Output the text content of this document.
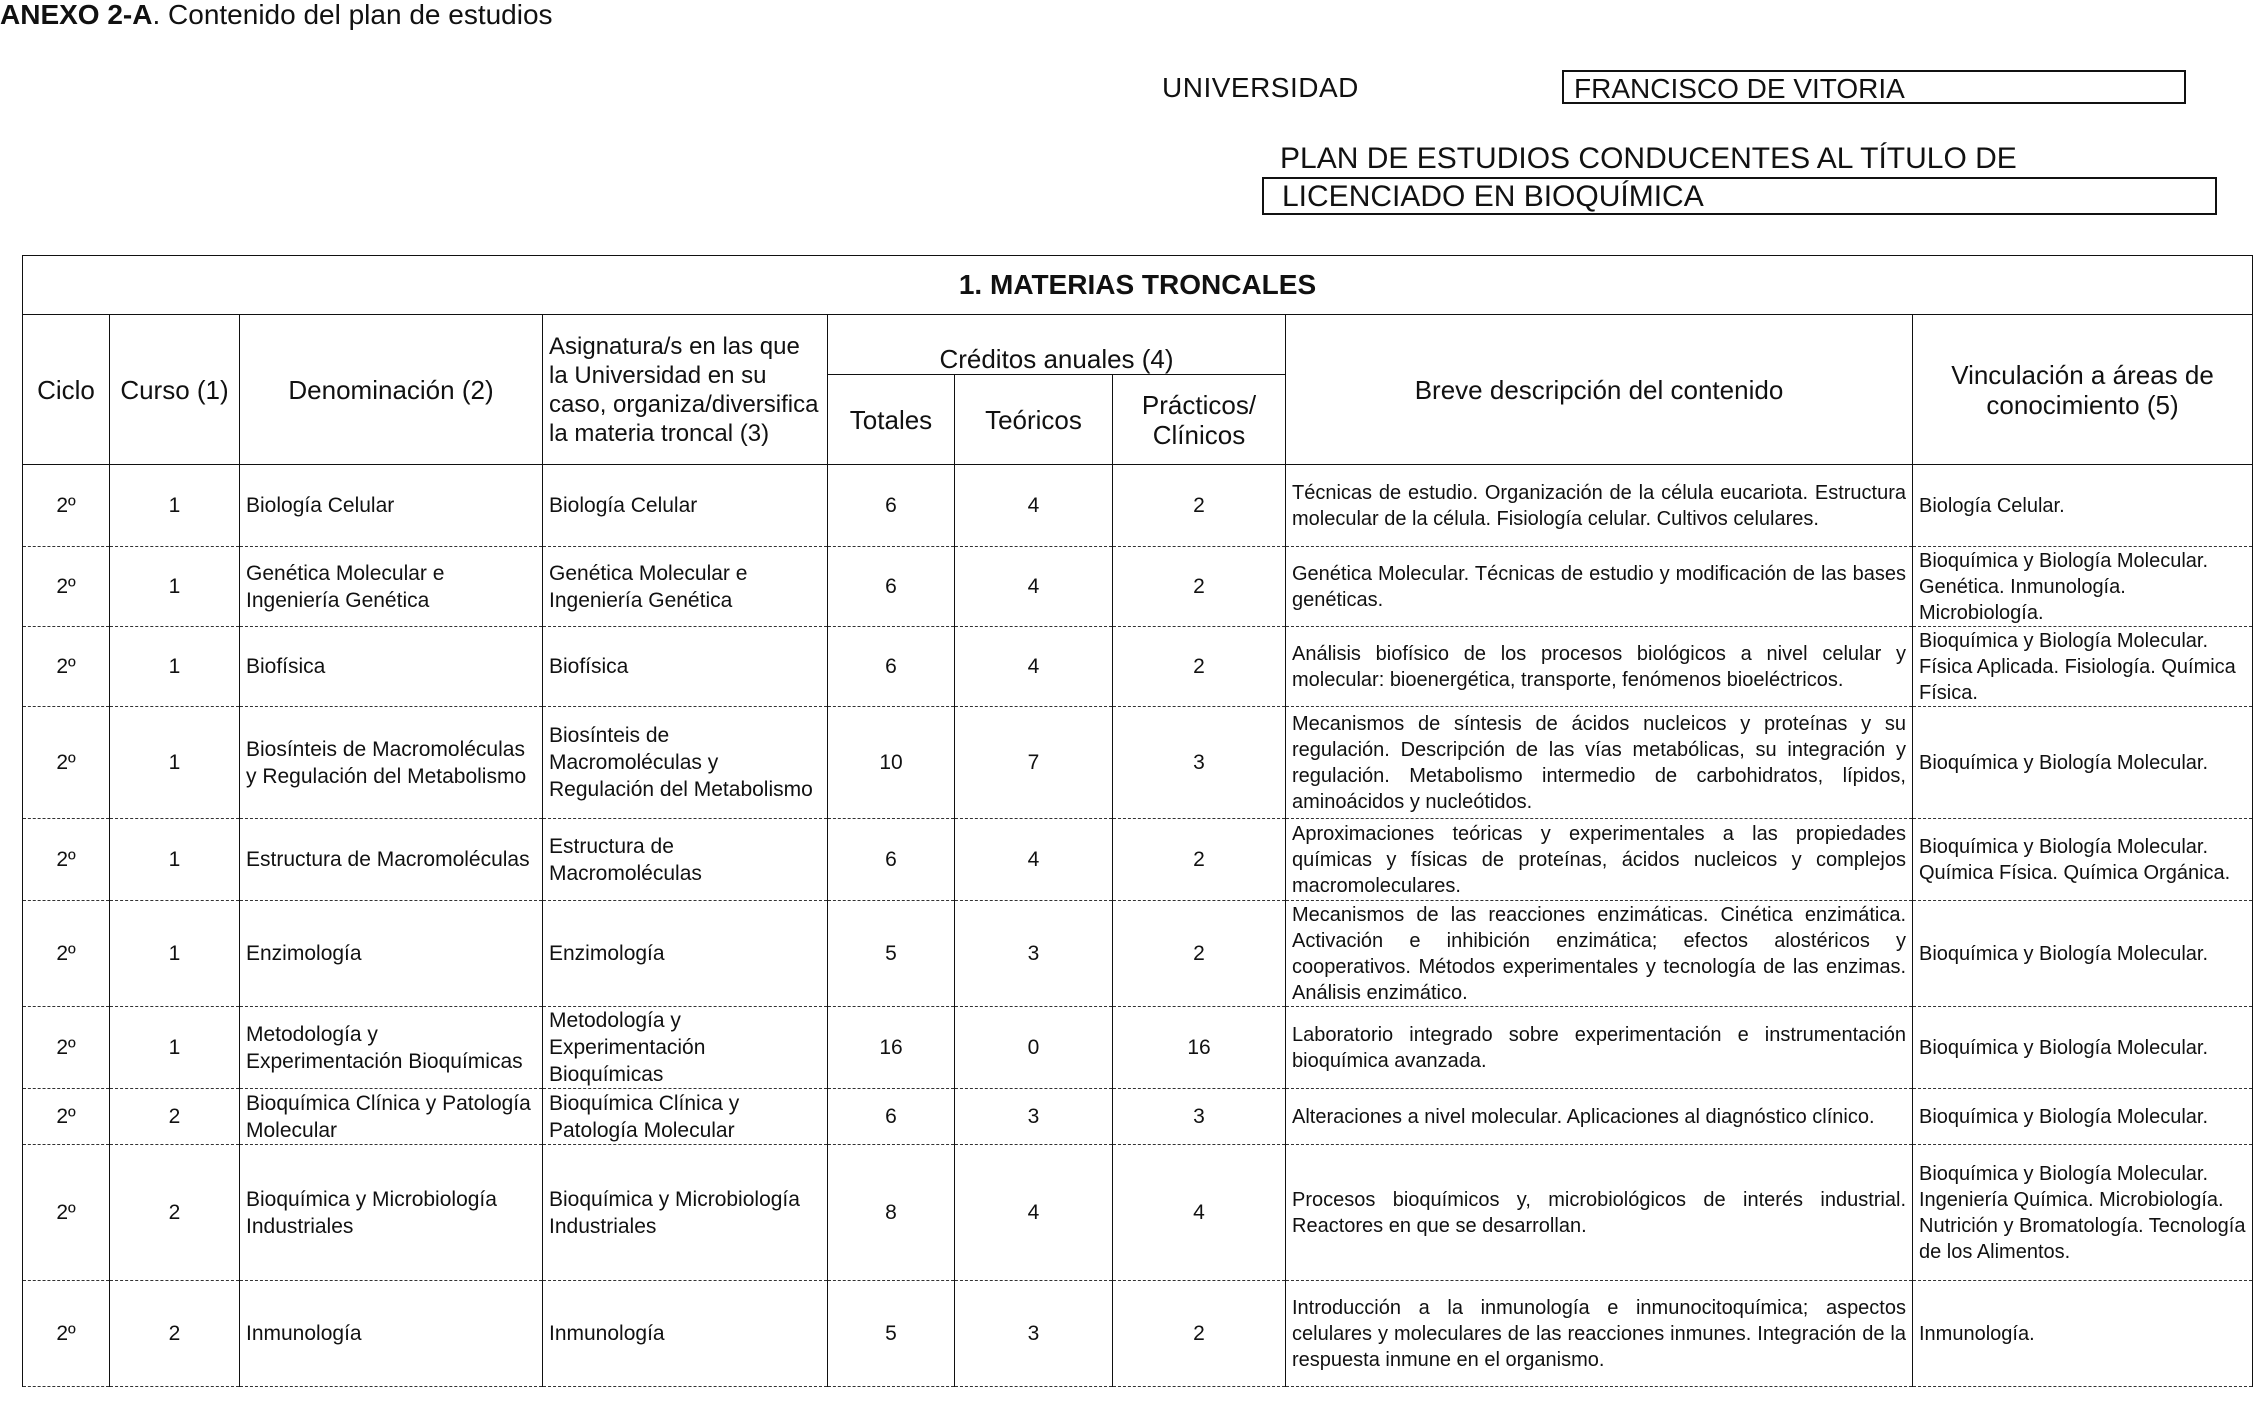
ANEXO 2-A. Contenido del plan de estudios
UNIVERSIDAD	FRANCISCO DE VITORIA
PLAN DE ESTUDIOS CONDUCENTES AL TÍTULO DE
LICENCIADO EN BIOQUÍMICA
1. MATERIAS TRONCALES								
Ciclo	Curso (1)	Denominación (2)	Asignatura/s en las que la Universidad en su caso, organiza/diversifica la materia troncal (3)	Créditos anuales (4)			Breve descripción del contenido	Vinculación a áreas de conocimiento (5)
				Totales	Teóricos	Prácticos/ Clínicos		
2º	1	Biología Celular	Biología Celular	6	4	2	Técnicas de estudio. Organización de la célula eucariota. Estructura molecular de la célula. Fisiología celular. Cultivos celulares.	Biología Celular.
2º	1	Genética Molecular e Ingeniería Genética	Genética Molecular e Ingeniería Genética	6	4	2	Genética Molecular. Técnicas de estudio y modificación de las bases genéticas.	Bioquímica y Biología Molecular. Genética. Inmunología. Microbiología.
2º	1	Biofísica	Biofísica	6	4	2	Análisis biofísico de los procesos biológicos a nivel celular y molecular: bioenergética, transporte, fenómenos bioeléctricos.	Bioquímica y Biología Molecular. Física Aplicada. Fisiología. Química Física.
2º	1	Biosínteis de Macromoléculas y Regulación del Metabolismo	Biosínteis de Macromoléculas y Regulación del Metabolismo	10	7	3	Mecanismos de síntesis de ácidos nucleicos y proteínas y su regulación. Descripción de las vías metabólicas, su integración y regulación. Metabolismo intermedio de carbohidratos, lípidos, aminoácidos y nucleótidos.	Bioquímica y Biología Molecular.
2º	1	Estructura de Macromoléculas	Estructura de Macromoléculas	6	4	2	Aproximaciones teóricas y experimentales a las propiedades químicas y físicas de proteínas, ácidos nucleicos y complejos macromoleculares.	Bioquímica y Biología Molecular. Química Física. Química Orgánica.
2º	1	Enzimología	Enzimología	5	3	2	Mecanismos de las reacciones enzimáticas. Cinética enzimática. Activación e inhibición enzimática; efectos alostéricos y cooperativos. Métodos experimentales y tecnología de las enzimas. Análisis enzimático.	Bioquímica y Biología Molecular.
2º	1	Metodología y Experimentación Bioquímicas	Metodología y Experimentación Bioquímicas	16	0	16	Laboratorio integrado sobre experimentación e instrumentación bioquímica avanzada.	Bioquímica y Biología Molecular.
2º	2	Bioquímica Clínica y Patología Molecular	Bioquímica Clínica y Patología Molecular	6	3	3	Alteraciones a nivel molecular. Aplicaciones al diagnóstico clínico.	Bioquímica y Biología Molecular.
2º	2	Bioquímica y Microbiología Industriales	Bioquímica y Microbiología Industriales	8	4	4	Procesos bioquímicos y, microbiológicos de interés industrial. Reactores en que se desarrollan.	Bioquímica y Biología Molecular. Ingeniería Química. Microbiología. Nutrición y Bromatología. Tecnología de los Alimentos.
2º	2	Inmunología	Inmunología	5	3	2	Introducción a la inmunología e inmunocitoquímica; aspectos celulares y moleculares de las reacciones inmunes. Integración de la respuesta inmune en el organismo.	Inmunología.
